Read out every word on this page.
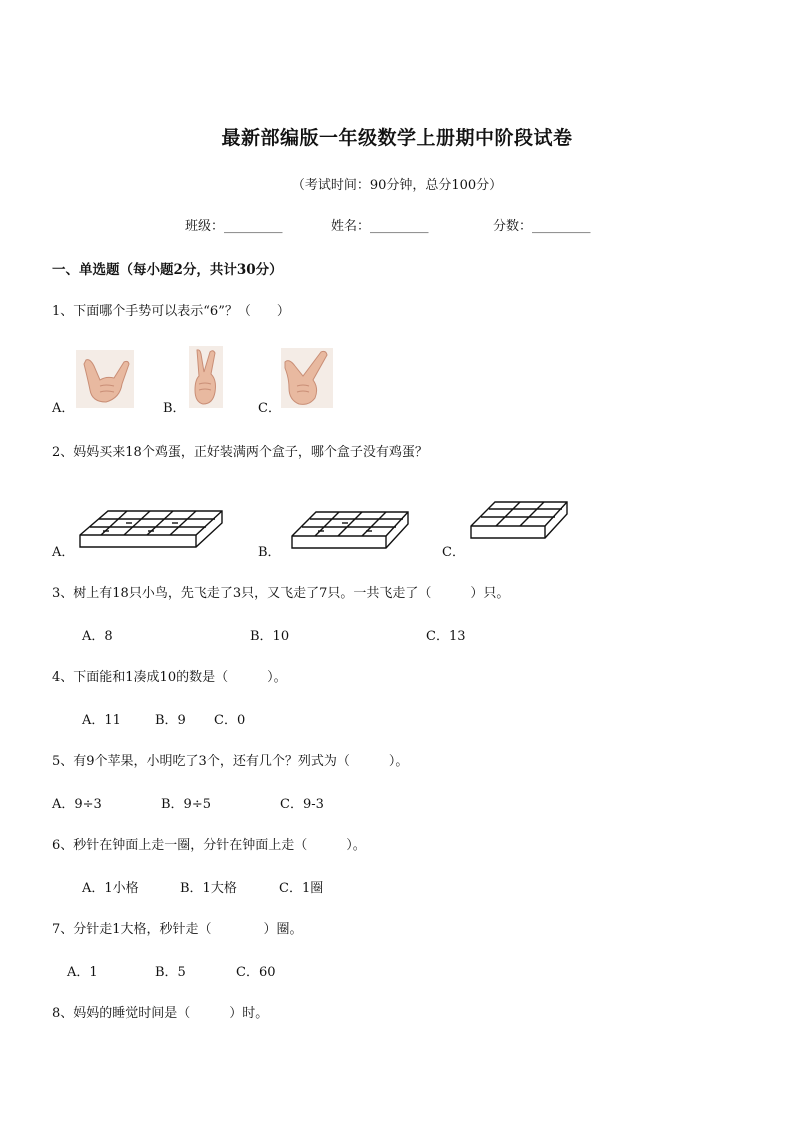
最新部编版一年级数学上册期中阶段试卷
（考试时间：90分钟，总分100分）
班级：_________	姓名：_________	分数：_________
一、单选题（每小题2分，共计30分）
1、下面哪个手势可以表示“6”？（　　）
A．	B．	C．
2、妈妈买来18个鸡蛋，正好装满两个盒子，哪个盒子没有鸡蛋？
A．	B．	C．
3、树上有18只小鸟，先飞走了3只，又飞走了7只。一共飞走了（　　　）只。
A．8	B．10	C．13
4、下面能和1凑成10的数是（　　　）。
A．11	B．9 C．0
5、有9个苹果，小明吃了3个，还有几个？列式为（　　　）。
A．9÷3	B．9÷5	C．9-3
6、秒针在钟面上走一圈，分针在钟面上走（　　　）。
A．1小格	B．1大格	C．1圈
7、分针走1大格，秒针走（　　　　）圈。
A．1	B．5	C．60
8、妈妈的睡觉时间是（　　　）时。
